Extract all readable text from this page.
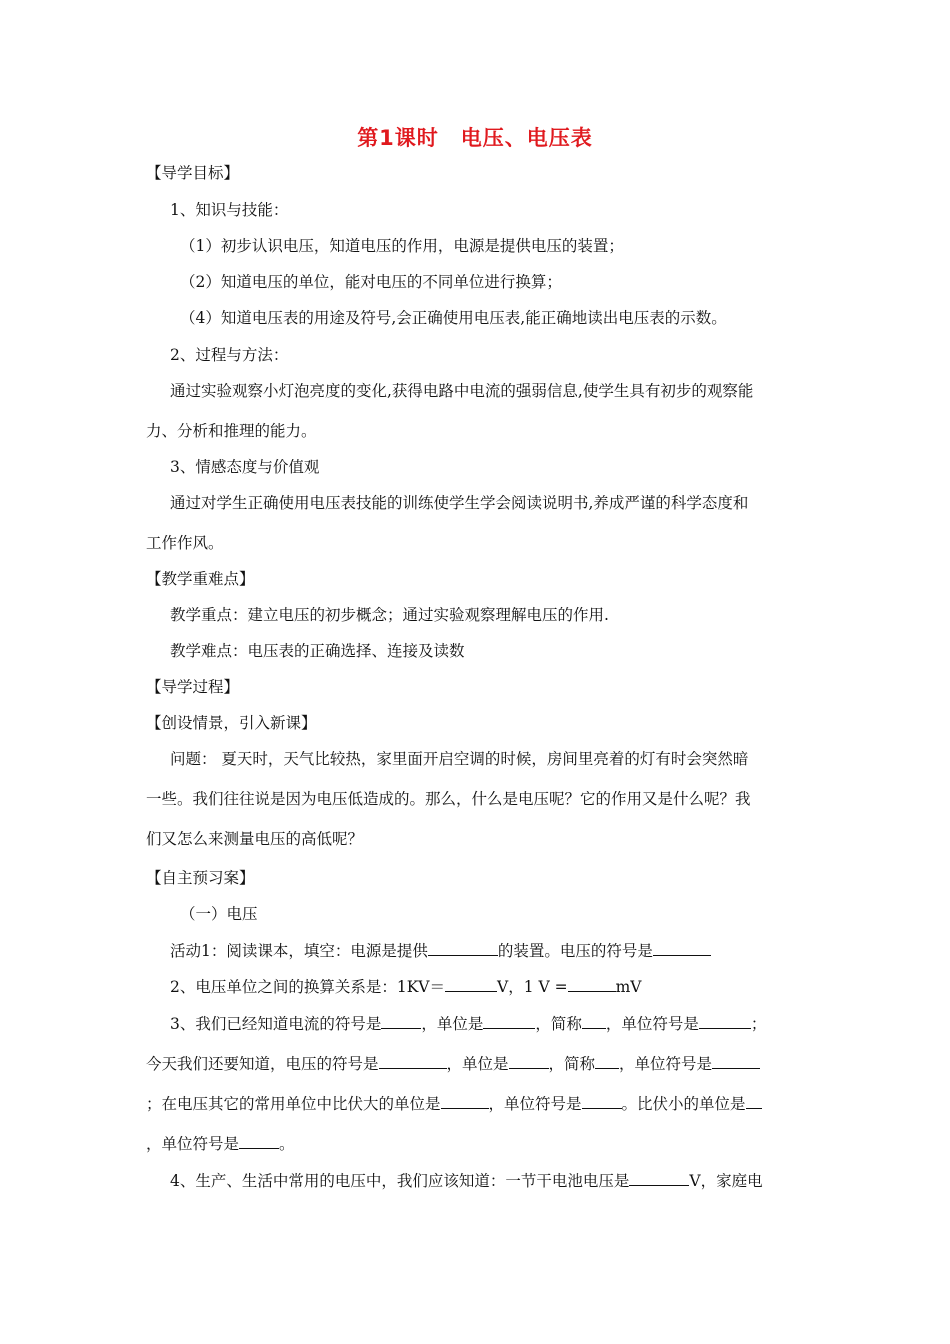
第1课时　电压、电压表
【导学目标】
1、知识与技能：
（1）初步认识电压，知道电压的作用，电源是提供电压的装置；
（2）知道电压的单位，能对电压的不同单位进行换算；
（4）知道电压表的用途及符号,会正确使用电压表,能正确地读出电压表的示数。
2、过程与方法：
通过实验观察小灯泡亮度的变化,获得电路中电流的强弱信息,使学生具有初步的观察能
力、分析和推理的能力。
3、情感态度与价值观
通过对学生正确使用电压表技能的训练使学生学会阅读说明书,养成严谨的科学态度和
工作作风。
【教学重难点】
教学重点：建立电压的初步概念；通过实验观察理解电压的作用.
教学难点：电压表的正确选择、连接及读数
【导学过程】
【创设情景，引入新课】
问题： 夏天时，天气比较热，家里面开启空调的时候，房间里亮着的灯有时会突然暗
一些。我们往往说是因为电压低造成的。那么，什么是电压呢？它的作用又是什么呢？我
们又怎么来测量电压的高低呢？
【自主预习案】
（一）电压
活动1：阅读课本，填空：电源是提供	的装置。电压的符号是
2、电压单位之间的换算关系是：1KV＝	V，1 V =	mV
3、我们已经知道电流的符号是	，单位是	，简称 ，单位符号是	；
今天我们还要知道，电压的符号是	，单位是	，简称 ，单位符号是
；在电压其它的常用单位中比伏大的单位是	，单位符号是	。比伏小的单位是
，单位符号是	。
4、生产、生活中常用的电压中，我们应该知道：一节干电池电压是	V，家庭电
